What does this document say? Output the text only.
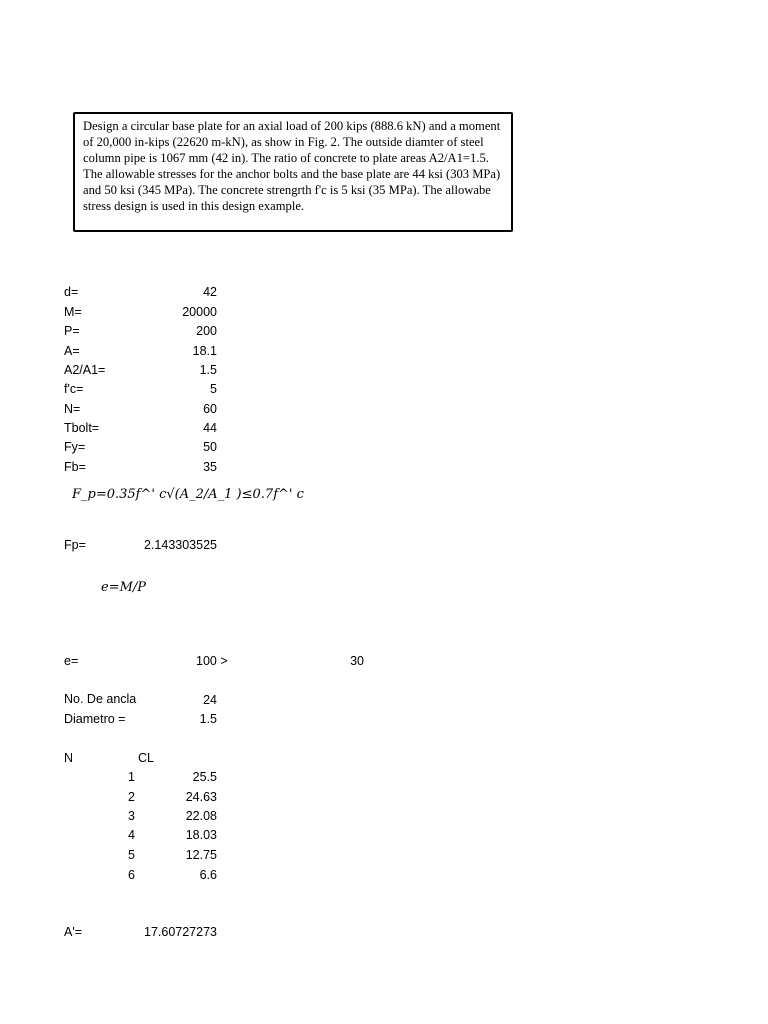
Design a circular base plate for an axial load of 200 kips (888.6 kN) and a moment of 20,000 in-kips (22620 m-kN), as show in Fig. 2. The outside diamter of steel column pipe is 1067 mm (42 in). The ratio of concrete to plate areas A2/A1=1.5. The allowable stresses for the anchor bolts and the base plate are 44 ksi (303 MPa) and 50 ksi (345 MPa). The concrete strengrth f'c is 5 ksi (35 MPa). The allowabe stress design is used in this design example.
d=	42
M=	20000
P=	200
A=	18.1
A2/A1=	1.5
f'c=	5
N=	60
Tbolt=	44
Fy=	50
Fb=	35
F_p=0.35f^' c√(A_2/A_1 )≤0.7f^' c
Fp=	2.143303525
e=M/P
e=	100 >	30
No. De ancla	24
Diametro =	1.5
N	CL
1	25.5
2	24.63
3	22.08
4	18.03
5	12.75
6	6.6
A'=	17.60727273
